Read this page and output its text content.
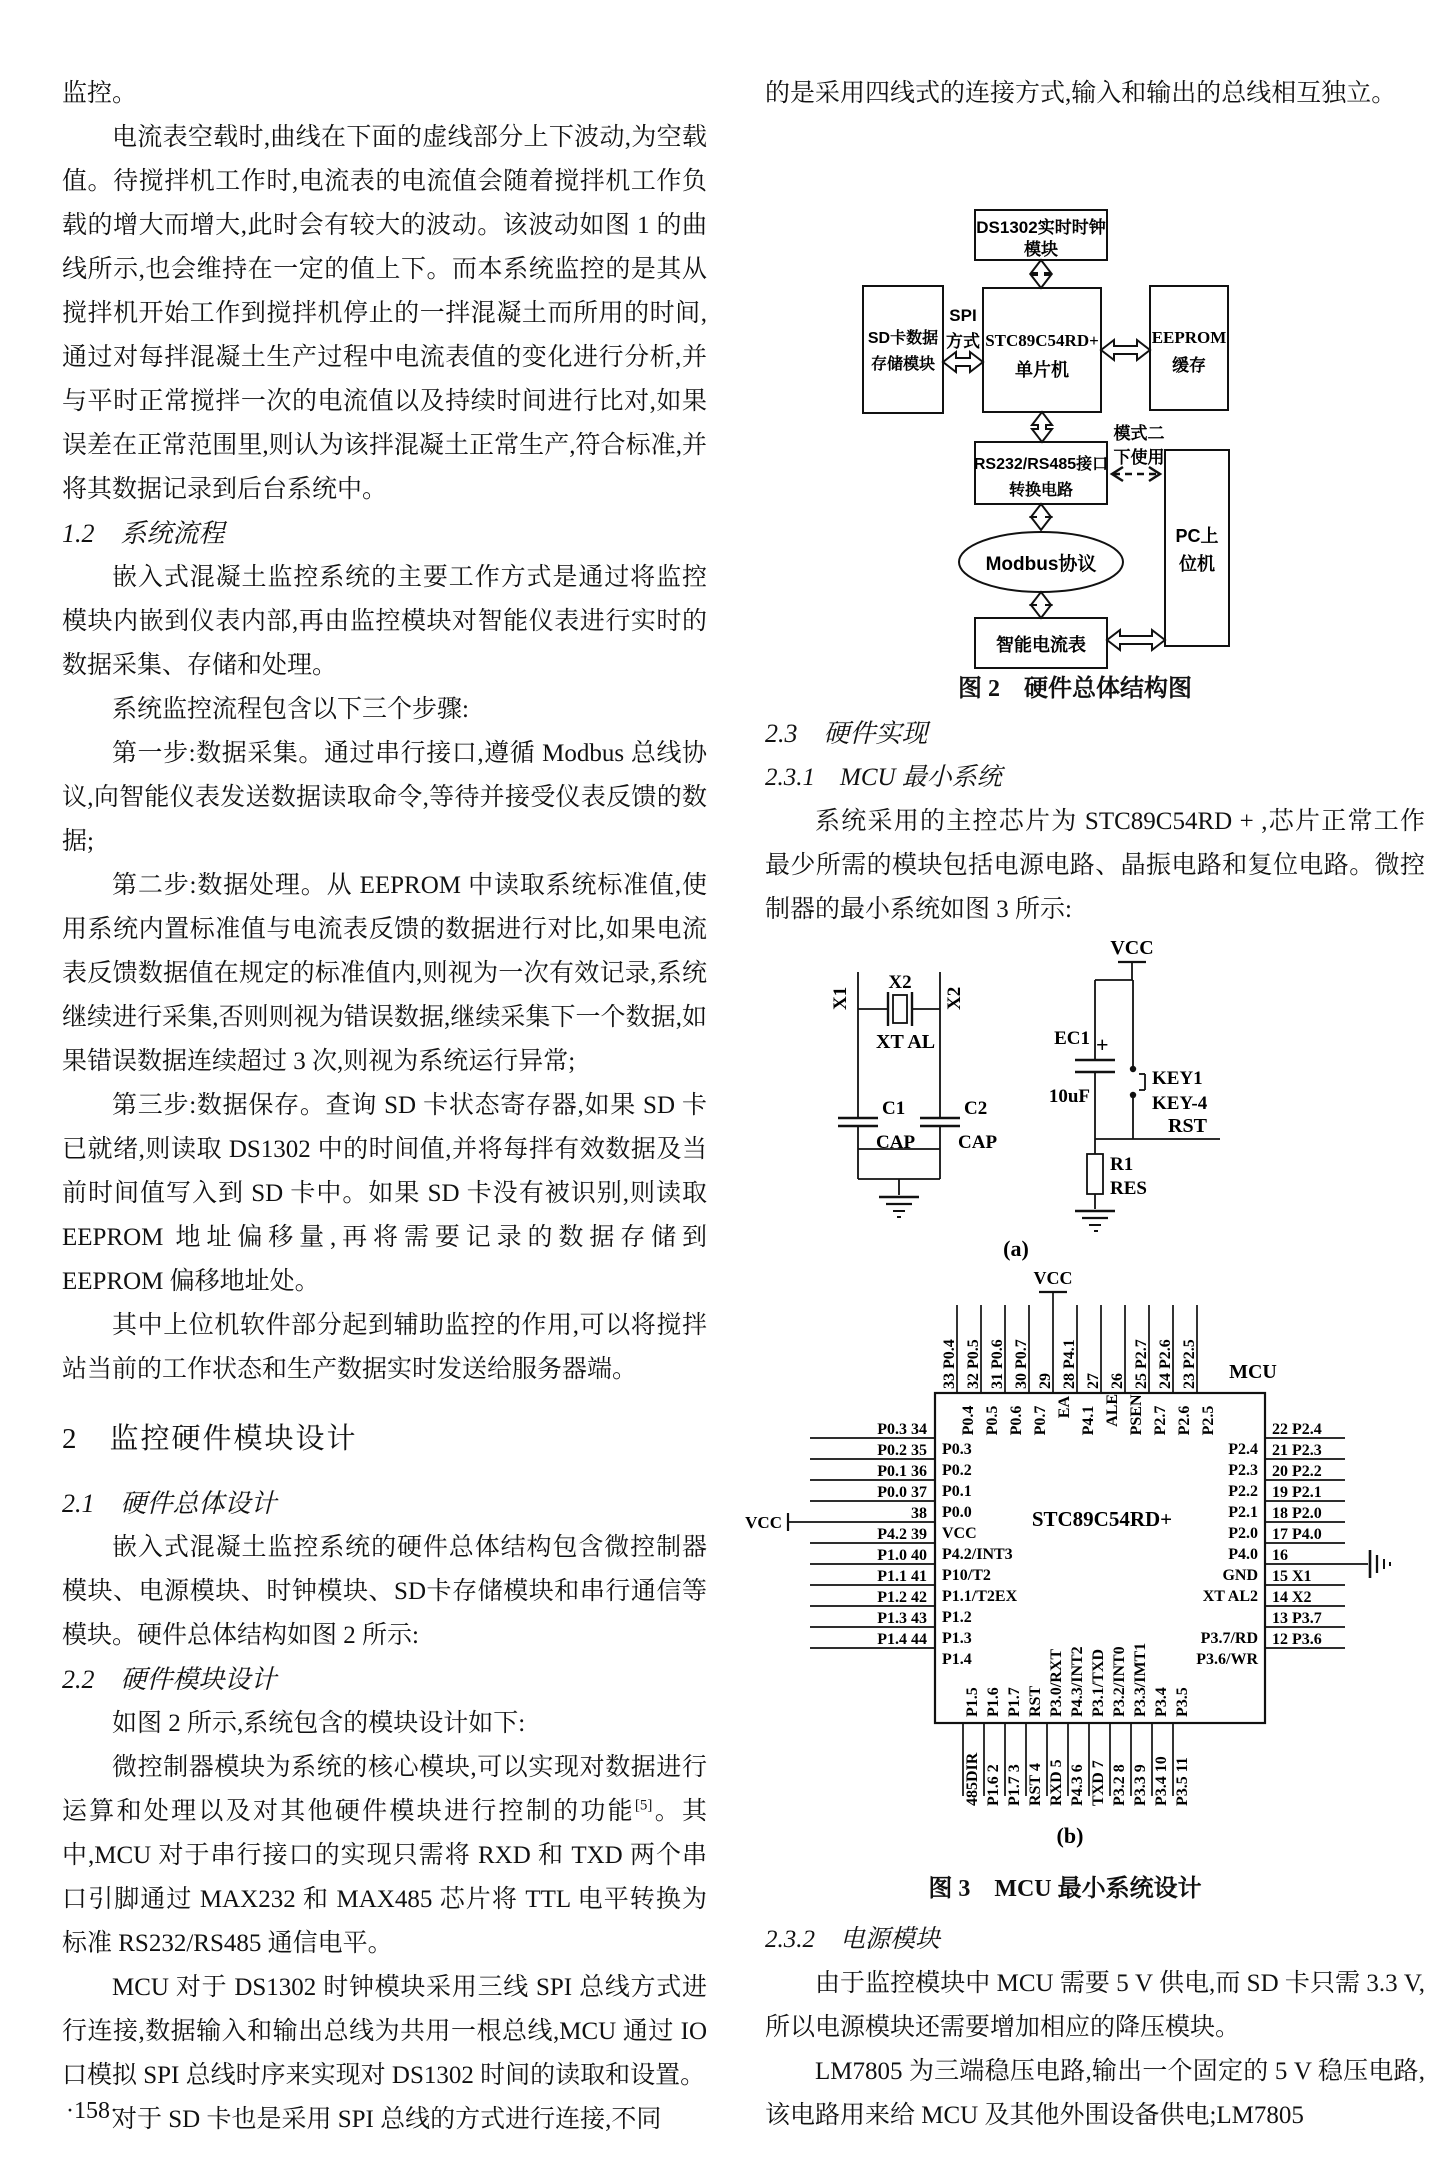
监控。

电流表空载时,曲线在下面的虚线部分上下波动,为空载值。待搅拌机工作时,电流表的电流值会随着搅拌机工作负载的增大而增大,此时会有较大的波动。该波动如图 1 的曲线所示,也会维持在一定的值上下。而本系统监控的是其从搅拌机开始工作到搅拌机停止的一拌混凝土而所用的时间,通过对每拌混凝土生产过程中电流表值的变化进行分析,并与平时正常搅拌一次的电流值以及持续时间进行比对,如果误差在正常范围里,则认为该拌混凝土正常生产,符合标准,并将其数据记录到后台系统中。

1.2　系统流程

嵌入式混凝土监控系统的主要工作方式是通过将监控模块内嵌到仪表内部,再由监控模块对智能仪表进行实时的数据采集、存储和处理。

系统监控流程包含以下三个步骤:

第一步:数据采集。通过串行接口,遵循 Modbus 总线协议,向智能仪表发送数据读取命令,等待并接受仪表反馈的数据;

第二步:数据处理。从 EEPROM 中读取系统标准值,使用系统内置标准值与电流表反馈的数据进行对比,如果电流表反馈数据值在规定的标准值内,则视为一次有效记录,系统继续进行采集,否则则视为错误数据,继续采集下一个数据,如果错误数据连续超过 3 次,则视为系统运行异常;

第三步:数据保存。查询 SD 卡状态寄存器,如果 SD 卡已就绪,则读取 DS1302 中的时间值,并将每拌有效数据及当前时间值写入到 SD 卡中。如果 SD 卡没有被识别,则读取 EEPROM 地址偏移量,再将需要记录的数据存储到 EEPROM 偏移地址处。

其中上位机软件部分起到辅助监控的作用,可以将搅拌站当前的工作状态和生产数据实时发送给服务器端。

2　监控硬件模块设计
2.1　硬件总体设计

嵌入式混凝土监控系统的硬件总体结构包含微控制器模块、电源模块、时钟模块、SD卡存储模块和串行通信等模块。硬件总体结构如图 2 所示:

2.2　硬件模块设计

如图 2 所示,系统包含的模块设计如下:

微控制器模块为系统的核心模块,可以实现对数据进行运算和处理以及对其他硬件模块进行控制的功能[5]。其中,MCU 对于串行接口的实现只需将 RXD 和 TXD 两个串口引脚通过 MAX232 和 MAX485 芯片将 TTL 电平转换为标准 RS232/RS485 通信电平。

MCU 对于 DS1302 时钟模块采用三线 SPI 总线方式进行连接,数据输入和输出总线为共用一根总线,MCU 通过 IO 口模拟 SPI 总线时序来实现对 DS1302 时间的读取和设置。

对于 SD 卡也是采用 SPI 总线的方式进行连接,不同

·158·

的是采用四线式的连接方式,输入和输出的总线相互独立。

DS1302实时时钟
模块
SD卡数据
存储模块
SPI
方式 STC89C54RD+
单片机
EEPROM
缓存
RS232/RS485接口
转换电路
模式二
下使用
PC上
位机
Modbus协议
智能电流表
图 2　硬件总体结构图
2.3　硬件实现
2.3.1　MCU 最小系统

系统采用的主控芯片为 STC89C54RD + ,芯片正常工作最少所需的模块包括电源电路、晶振电路和复位电路。微控制器的最小系统如图 3 所示:

X1	X2
X2
XT AL
C1
CAP
C2
CAP
VCC
EC1 +
10uF
KEY1
KEY-4
RST
R1
RES
(a)
STC89C54RD+
MCU
VCC
(b)
33 P0.4
P0.4
32 P0.5
P0.5
31 P0.6
P0.6
30 P0.7
P0.7
29
EA
28 P4.1
P4.1
27
ALE
26
PSEN
25 P2.7
P2.7
24 P2.6
P2.6
23 P2.5
P2.5
P0.3 34
P0.3
P0.2 35
P0.2
P0.1 36
P0.1
P0.0 37
P0.0
VCC	38
VCC
P4.2 39
P4.2/INT3
P1.0 40
P10/T2
P1.1 41
P1.1/T2EX
P1.2 42
P1.2
P1.3 43
P1.3
P1.4 44
P1.4
22 P2.4
P2.4 21 P2.3
P2.3 20 P2.2
P2.2 19 P2.1
P2.1 18 P2.0
P2.0 17 P4.0
P4.0 16
GND 15 X1
XT AL2 14 X2
13 P3.7
P3.7/RD 12 P3.6
P3.6/WR
485DIR
P1.5
P1.6 2
P1.6
P1.7 3
P1.7
RST 4
RST
RXD 5
P3.0/RXT
P4.3 6
P4.3/INT2
TXD 7
P3.1/TXD
P3.2 8
P3.2/INT0
P3.3 9
P3.3/IMT1
P3.4 10
P3.4
P3.5 11
P3.5
图 3　MCU 最小系统设计
2.3.2　电源模块

由于监控模块中 MCU 需要 5 V 供电,而 SD 卡只需 3.3 V,所以电源模块还需要增加相应的降压模块。

LM7805 为三端稳压电路,输出一个固定的 5 V 稳压电路,该电路用来给 MCU 及其他外围设备供电;LM7805
